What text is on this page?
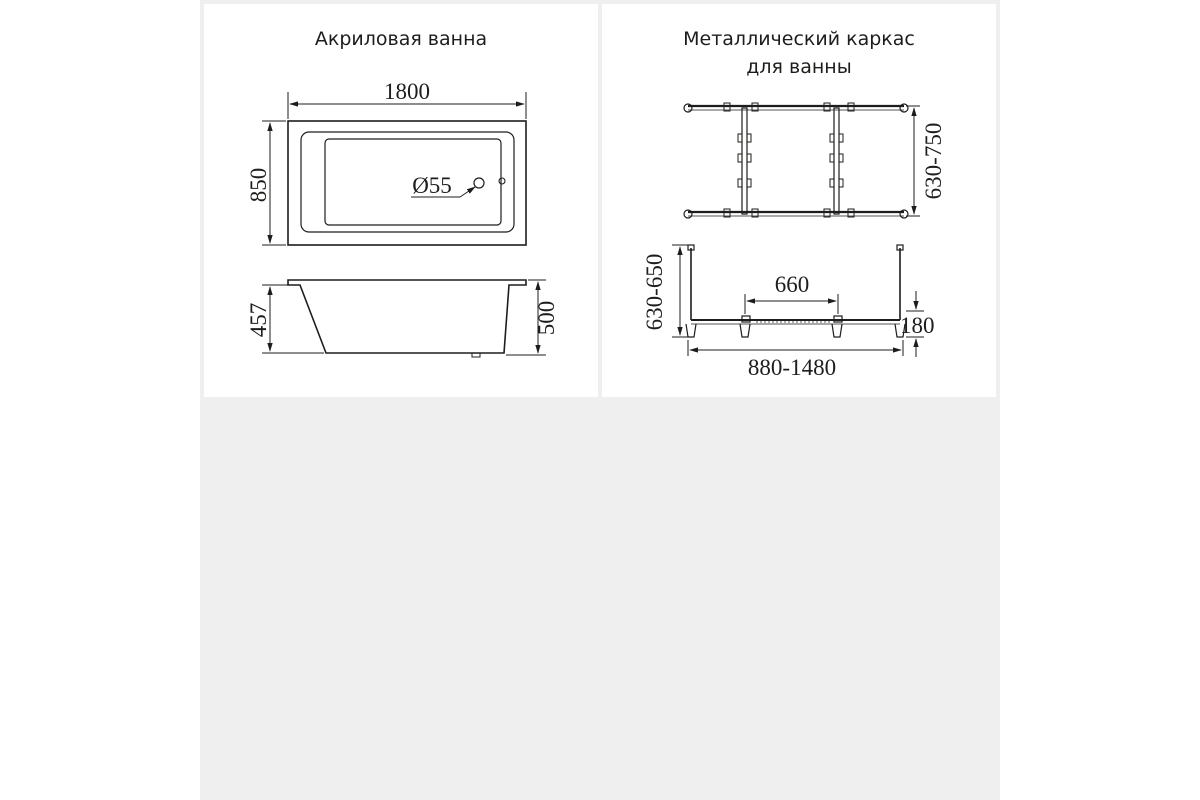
Акриловая ванна
1800
850	Ø55
457	500
Металлический каркас
для ванны
630-750
630-650	660
180
880-1480
